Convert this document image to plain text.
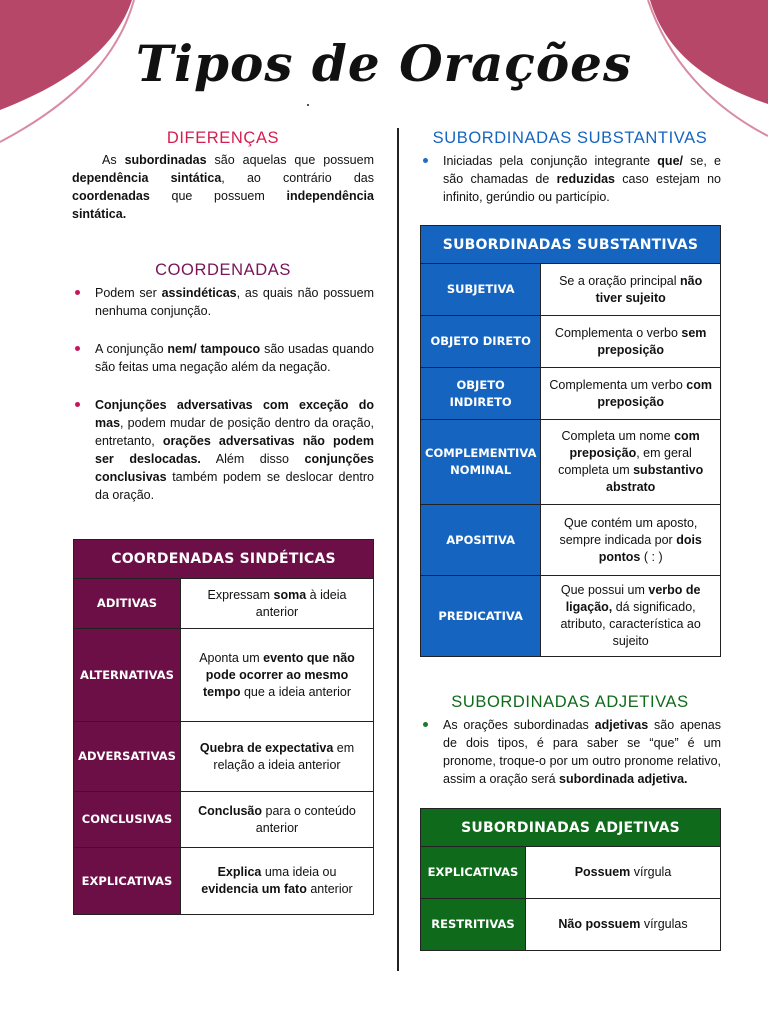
Tipos de Orações
DIFERENÇAS
As subordinadas são aquelas que possuem dependência sintática, ao contrário das coordenadas que possuem independência sintática.
COORDENADAS
Podem ser assindéticas, as quais não possuem nenhuma conjunção.
A conjunção nem/ tampouco são usadas quando são feitas uma negação além da negação.
Conjunções adversativas com exceção do mas, podem mudar de posição dentro da oração, entretanto, orações adversativas não podem ser deslocadas. Além disso conjunções conclusivas também podem se deslocar dentro da oração.
COORDENADAS SINDÉTICAS	
ADITIVAS	Expressam soma à ideia anterior
ALTERNATIVAS	Aponta um evento que não pode ocorrer ao mesmo tempo que a ideia anterior
ADVERSATIVAS	Quebra de expectativa em relação a ideia anterior
CONCLUSIVAS	Conclusão para o conteúdo anterior
EXPLICATIVAS	Explica uma ideia ou evidencia um fato anterior
SUBORDINADAS SUBSTANTIVAS
Iniciadas pela conjunção integrante que/ se, e são chamadas de reduzidas caso estejam no infinito, gerúndio ou particípio.
SUBORDINADAS SUBSTANTIVAS	
SUBJETIVA	Se a oração principal não tiver sujeito
OBJETO DIRETO	Complementa o verbo sem preposição
OBJETO INDIRETO	Complementa um verbo com preposição
COMPLEMENTIVA NOMINAL	Completa um nome com preposição, em geral completa um substantivo abstrato
APOSITIVA	Que contém um aposto, sempre indicada por dois pontos ( : )
PREDICATIVA	Que possui um verbo de ligação, dá significado, atributo, característica ao sujeito
SUBORDINADAS ADJETIVAS
As orações subordinadas adjetivas são apenas de dois tipos, é para saber se “que” é um pronome, troque-o por um outro pronome relativo, assim a oração será subordinada adjetiva.
SUBORDINADAS ADJETIVAS	
EXPLICATIVAS	Possuem vírgula
RESTRITIVAS	Não possuem vírgulas
